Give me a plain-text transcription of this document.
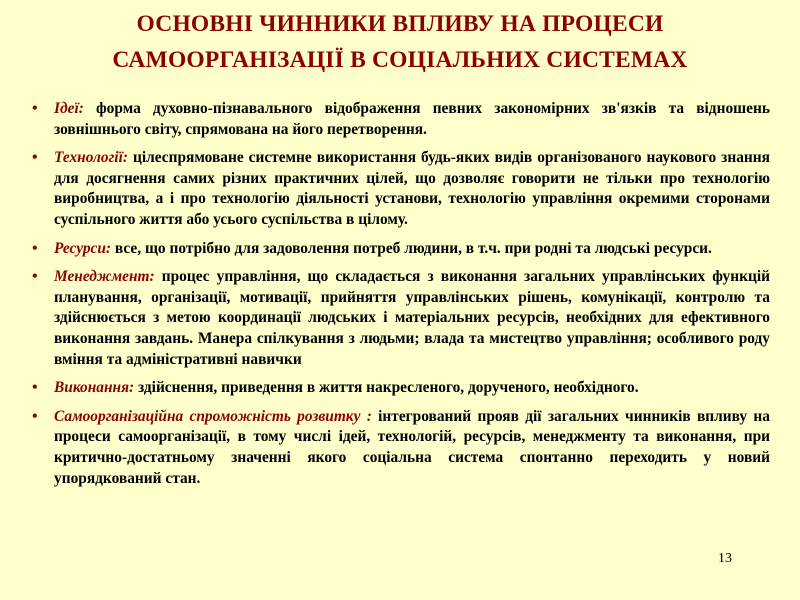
ОСНОВНІ ЧИННИКИ ВПЛИВУ НА ПРОЦЕСИ
САМООРГАНІЗАЦІЇ В СОЦІАЛЬНИХ СИСТЕМАХ
• Ідеї: форма духовно-пізнавального відображення певних закономірних зв'язків та відношень зовнішнього світу, спрямована на його перетворення.
• Технології: цілеспрямоване системне використання будь-яких видів організованого наукового знання для досягнення самих різних практичних цілей, що дозволяє говорити не тільки про технологію виробництва, а і про технологію діяльності установи, технологію управління окремими сторонами суспільного життя або усього суспільства в цілому.
• Ресурси: все, що потрібно для задоволення потреб людини, в т.ч. при родні та людські ресурси.
• Менеджмент: процес управління, що складається з виконання загальних управлінських функцій планування, організації, мотивації, прийняття управлінських рішень, комунікації, контролю та здійснюється з метою координації людських і матеріальних ресурсів, необхідних для ефективного виконання завдань. Манера спілкування з людьми; влада та мистецтво управління; особливого роду вміння та адміністративні навички
• Виконання: здійснення, приведення в життя накресленого, дорученого, необхідного.
• Самоорганізаційна спроможність розвитку : інтегрований прояв дії загальних чинників впливу на процеси самоорганізації, в тому числі ідей, технологій, ресурсів, менеджменту та виконання, при критично-достатньому значенні якого соціальна система спонтанно переходить у новий упорядкований стан.
13
